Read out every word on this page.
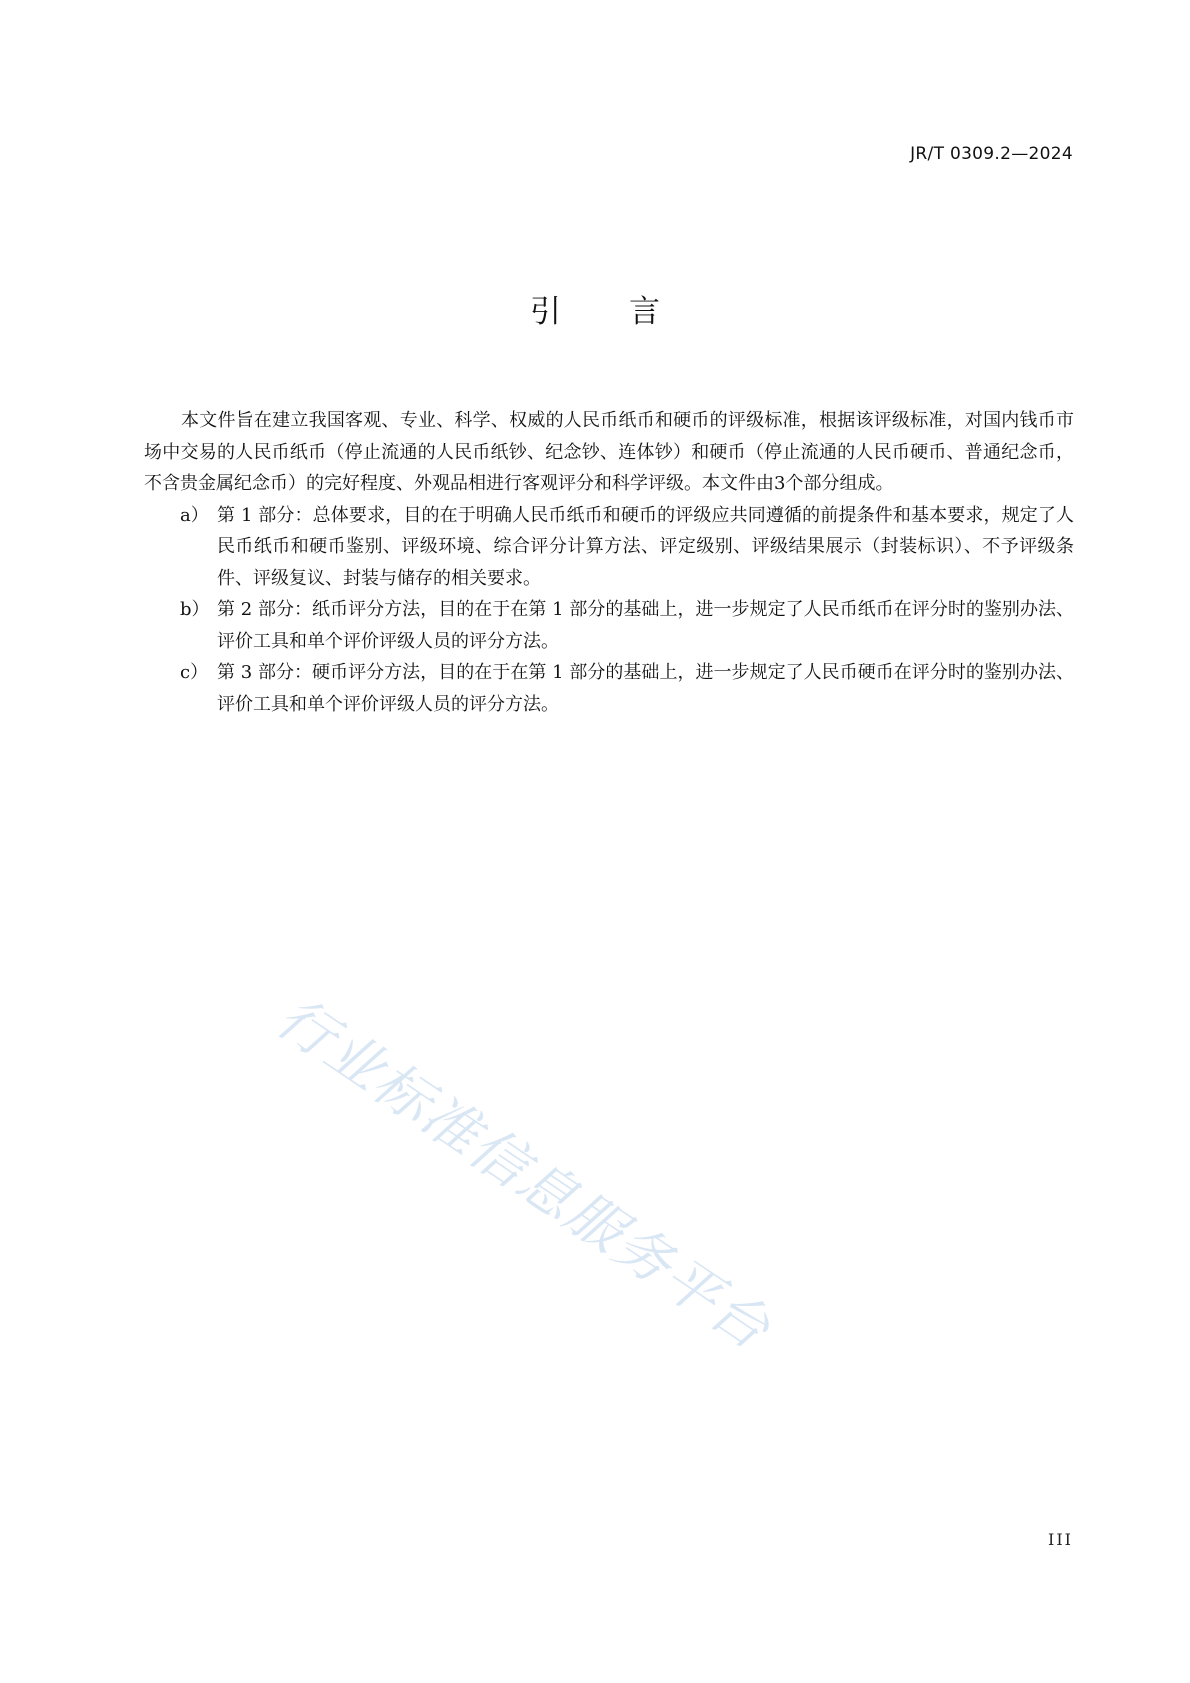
JR/T 0309.2—2024
引言

本文件旨在建立我国客观、专业、科学、权威的人民币纸币和硬币的评级标准，根据该评级标准，对国内钱币市场中交易的人民币纸币（停止流通的人民币纸钞、纪念钞、连体钞）和硬币（停止流通的人民币硬币、普通纪念币，不含贵金属纪念币）的完好程度、外观品相进行客观评分和科学评级。本文件由3个部分组成。

a） 第 1 部分：总体要求，目的在于明确人民币纸币和硬币的评级应共同遵循的前提条件和基本要求，规定了人民币纸币和硬币鉴别、评级环境、综合评分计算方法、评定级别、评级结果展示（封装标识）、不予评级条件、评级复议、封装与储存的相关要求。
b） 第 2 部分：纸币评分方法，目的在于在第 1 部分的基础上，进一步规定了人民币纸币在评分时的鉴别办法、评价工具和单个评价评级人员的评分方法。
c） 第 3 部分：硬币评分方法，目的在于在第 1 部分的基础上，进一步规定了人民币硬币在评分时的鉴别办法、评价工具和单个评价评级人员的评分方法。
行业标准信息服务平台
III
